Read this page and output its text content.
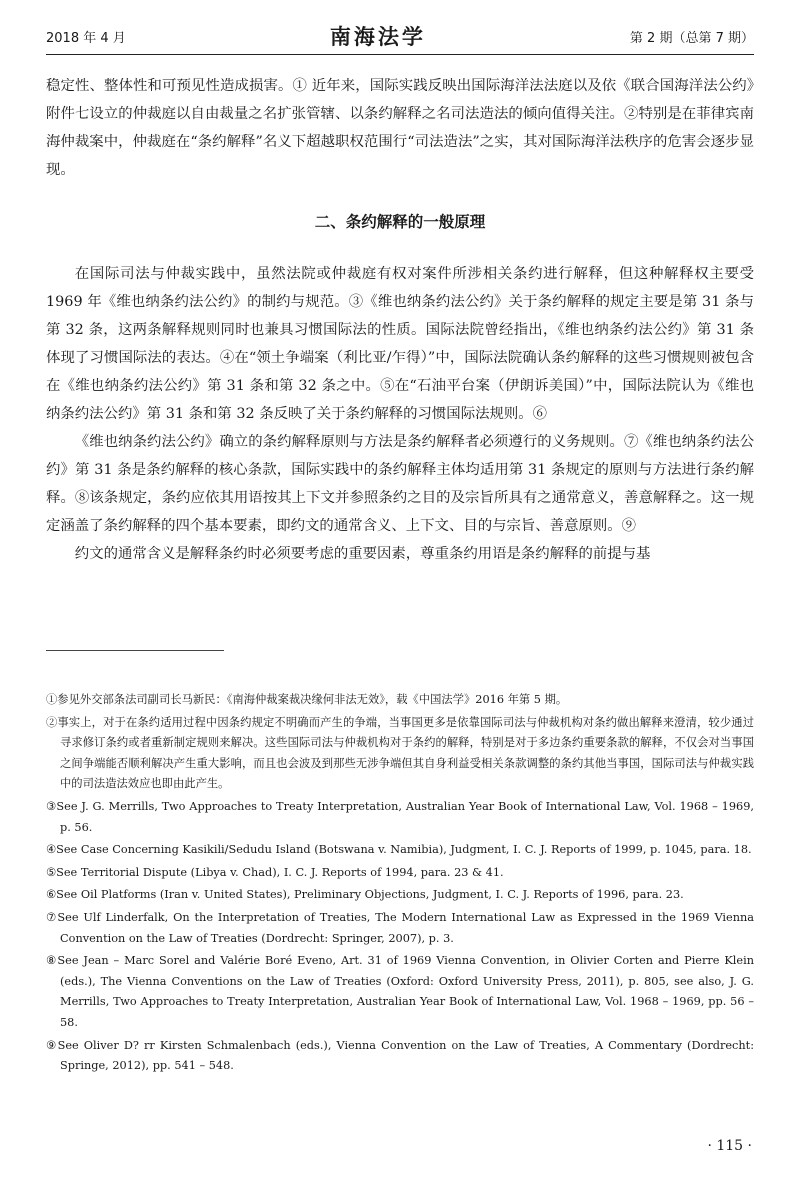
2018 年 4 月	南海法学	第 2 期（总第 7 期）

稳定性、整体性和可预见性造成损害。① 近年来，国际实践反映出国际海洋法法庭以及依《联合国海洋法公约》附件七设立的仲裁庭以自由裁量之名扩张管辖、以条约解释之名司法造法的倾向值得关注。②特别是在菲律宾南海仲裁案中，仲裁庭在“条约解释”名义下超越职权范围行“司法造法”之实，其对国际海洋法秩序的危害会逐步显现。

二、条约解释的一般原理

在国际司法与仲裁实践中，虽然法院或仲裁庭有权对案件所涉相关条约进行解释，但这种解释权主要受 1969 年《维也纳条约法公约》的制约与规范。③《维也纳条约法公约》关于条约解释的规定主要是第 31 条与第 32 条，这两条解释规则同时也兼具习惯国际法的性质。国际法院曾经指出，《维也纳条约法公约》第 31 条体现了习惯国际法的表达。④在“领土争端案（利比亚/乍得）”中，国际法院确认条约解释的这些习惯规则被包含在《维也纳条约法公约》第 31 条和第 32 条之中。⑤在“石油平台案（伊朗诉美国）”中，国际法院认为《维也纳条约法公约》第 31 条和第 32 条反映了关于条约解释的习惯国际法规则。⑥

《维也纳条约法公约》确立的条约解释原则与方法是条约解释者必须遵行的义务规则。⑦《维也纳条约法公约》第 31 条是条约解释的核心条款，国际实践中的条约解释主体均适用第 31 条规定的原则与方法进行条约解释。⑧该条规定，条约应依其用语按其上下文并参照条约之目的及宗旨所具有之通常意义，善意解释之。这一规定涵盖了条约解释的四个基本要素，即约文的通常含义、上下文、目的与宗旨、善意原则。⑨

约文的通常含义是解释条约时必须要考虑的重要因素，尊重条约用语是条约解释的前提与基

①参见外交部条法司副司长马新民：《南海仲裁案裁决缘何非法无效》，载《中国法学》2016 年第 5 期。

②事实上，对于在条约适用过程中因条约规定不明确而产生的争端，当事国更多是依靠国际司法与仲裁机构对条约做出解释来澄清，较少通过寻求修订条约或者重新制定规则来解决。这些国际司法与仲裁机构对于条约的解释，特别是对于多边条约重要条款的解释，不仅会对当事国之间争端能否顺利解决产生重大影响，而且也会波及到那些无涉争端但其自身利益受相关条款调整的条约其他当事国，国际司法与仲裁实践中的司法造法效应也即由此产生。

③See J. G. Merrills, Two Approaches to Treaty Interpretation, Australian Year Book of International Law, Vol. 1968 – 1969, p. 56.

④See Case Concerning Kasikili/Sedudu Island (Botswana v. Namibia), Judgment, I. C. J. Reports of 1999, p. 1045, para. 18.

⑤See Territorial Dispute (Libya v. Chad), I. C. J. Reports of 1994, para. 23 & 41.

⑥See Oil Platforms (Iran v. United States), Preliminary Objections, Judgment, I. C. J. Reports of 1996, para. 23.

⑦See Ulf Linderfalk, On the Interpretation of Treaties, The Modern International Law as Expressed in the 1969 Vienna Convention on the Law of Treaties (Dordrecht: Springer, 2007), p. 3.

⑧See Jean – Marc Sorel and Valérie Boré Eveno, Art. 31 of 1969 Vienna Convention, in Olivier Corten and Pierre Klein (eds.), The Vienna Conventions on the Law of Treaties (Oxford: Oxford University Press, 2011), p. 805, see also, J. G. Merrills, Two Approaches to Treaty Interpretation, Australian Year Book of International Law, Vol. 1968 – 1969, pp. 56 – 58.

⑨See Oliver D? rr Kirsten Schmalenbach (eds.), Vienna Convention on the Law of Treaties, A Commentary (Dordrecht: Springe, 2012), pp. 541 – 548.

· 115 ·
